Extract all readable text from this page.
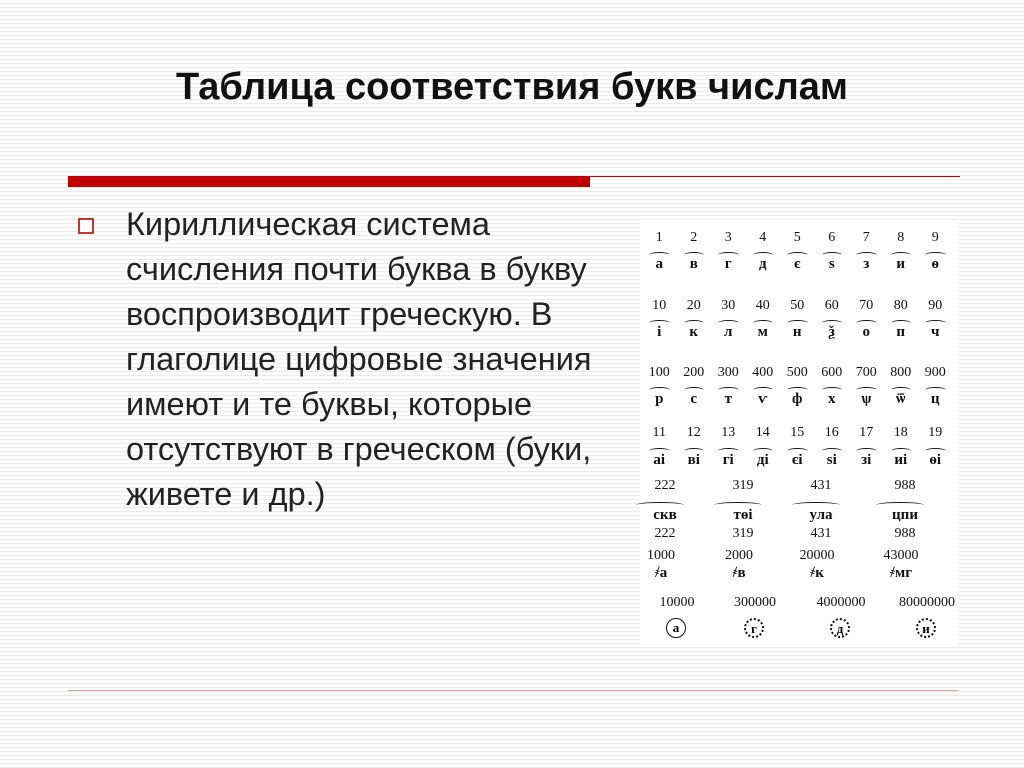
Таблица соответствия букв числам
Кириллическая система счисления почти буква в букву воспроизводит греческую. В глаголице цифровые значения имеют и те буквы, которые отсутствуют в греческом (буки, живете и др.)
1
а
2
в
3
г
4
д
5
є
6
ѕ
7
з
8
и
9
ѳ
10
і
20
к
30
л
40
м
50
н
60
ѯ
70
о
80
п
90
ч
100
р
200
с
300
т
400
ѵ
500
ф
600
х
700
ѱ
800
ѿ
900
ц
11
аі
12
ві
13
гі
14
ді
15
єі
16
ѕі
17
зі
18
иі
19
ѳі
222
скв
222
319
тѳі
319
431
ула
431
988
цпи
988
1000
҂а
2000
҂в
20000
҂к
43000
҂мг
10000
а
300000
г
4000000
д
80000000
и
